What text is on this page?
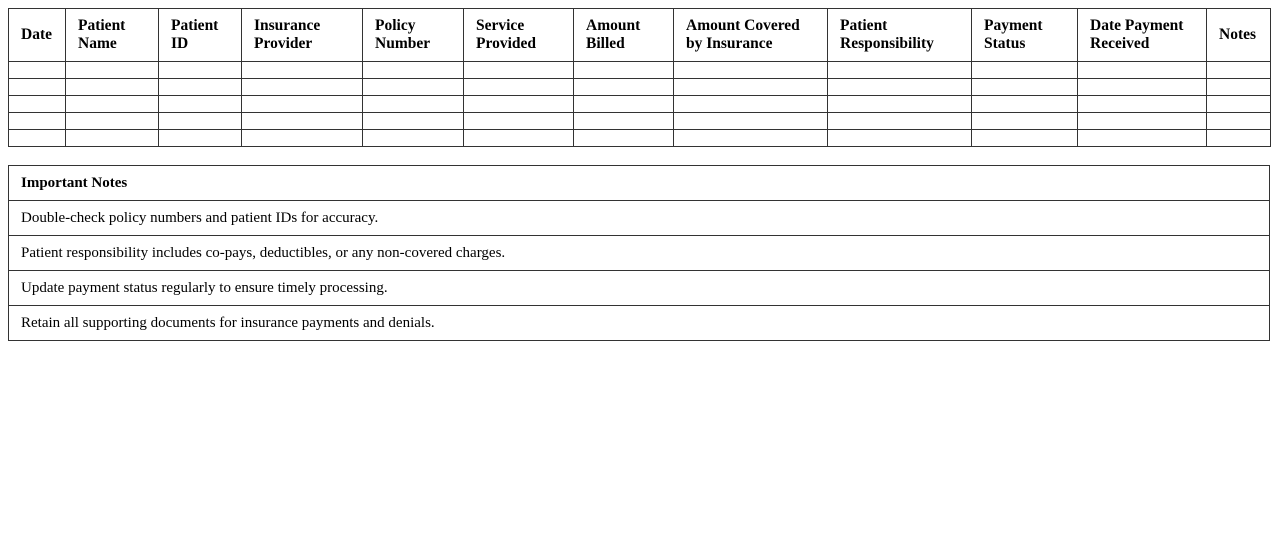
Date	Patient Name	Patient ID	Insurance Provider	Policy Number	Service Provided	Amount Billed	Amount Covered by Insurance	Patient Responsibility	Payment Status	Date Payment Received	Notes

Important Notes
Double-check policy numbers and patient IDs for accuracy.
Patient responsibility includes co-pays, deductibles, or any non-covered charges.
Update payment status regularly to ensure timely processing.
Retain all supporting documents for insurance payments and denials.
